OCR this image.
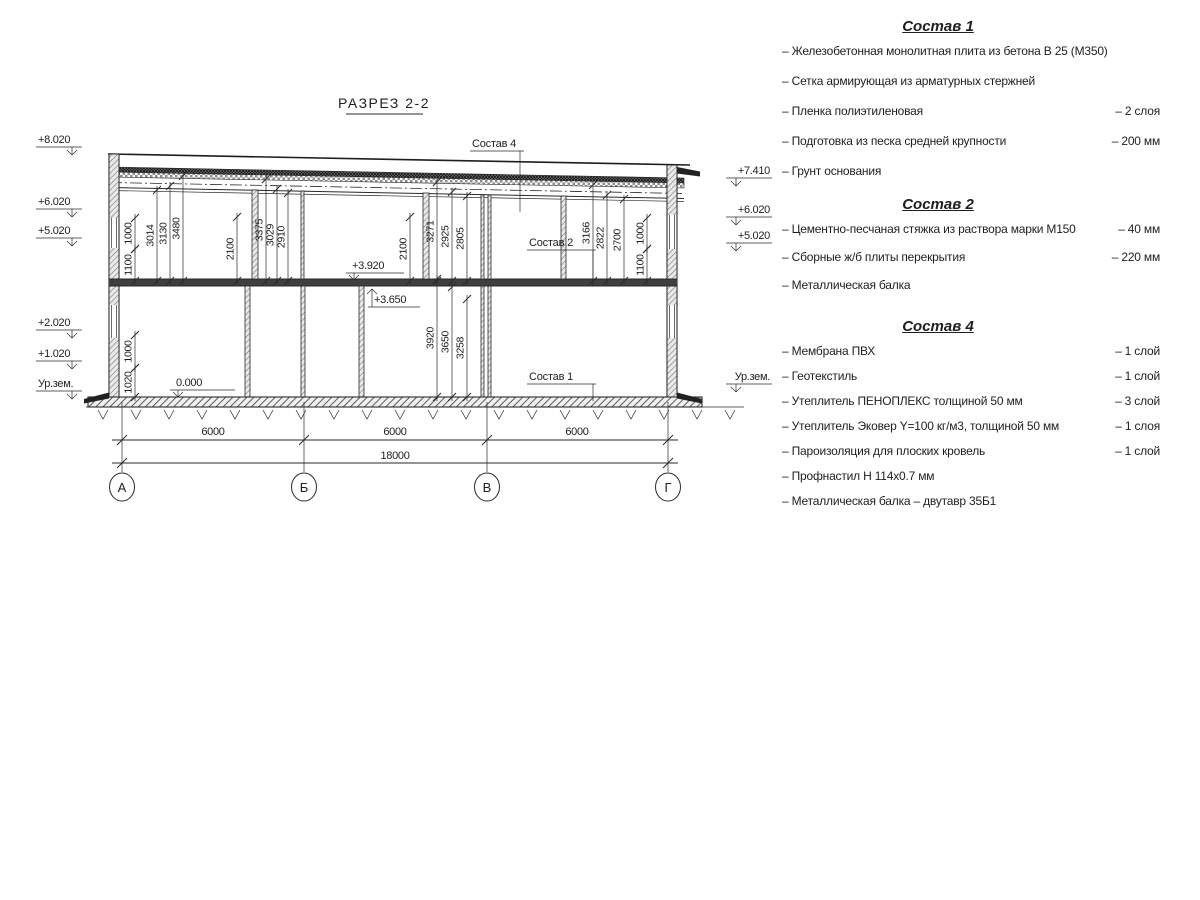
РАЗРЕЗ 2-2
Состав 4
Состав 2
Состав 1
0.000
+3.920
+3.650
1000
1100
3014 3130 3480
2100
3375 3029 2910
2100
3271 2925 2805	3166 2822 2700 1000
1100
1000
1020
3920 3650 3258
+8.020
+6.020
+5.020
+2.020
+1.020
Ур.зем.
+7.410
+6.020
+5.020
Ур.зем.
6000	6000	6000
18000
А	Б	В	Г
Состав 1
– Железобетонная монолитная плита из бетона В 25 (М350)
– Сетка армирующая из арматурных стержней
– Пленка полиэтиленовая	– 2 слоя
– Подготовка из песка средней крупности	– 200 мм
– Грунт основания
Состав 2
– Цементно-песчаная стяжка из раствора марки М150	– 40 мм
– Сборные ж/б плиты перекрытия	– 220 мм
– Металлическая балка
Состав 4
– Мембрана ПВХ	– 1 слой
– Геотекстиль	– 1 слой
– Утеплитель ПЕНОПЛЕКС толщиной 50 мм	– 3 слой
– Утеплитель Эковер Y=100 кг/м3, толщиной 50 мм	– 1 слоя
– Пароизоляция для плоских кровель	– 1 слой
– Профнастил Н 114х0.7 мм
– Металлическая балка – двутавр 35Б1
